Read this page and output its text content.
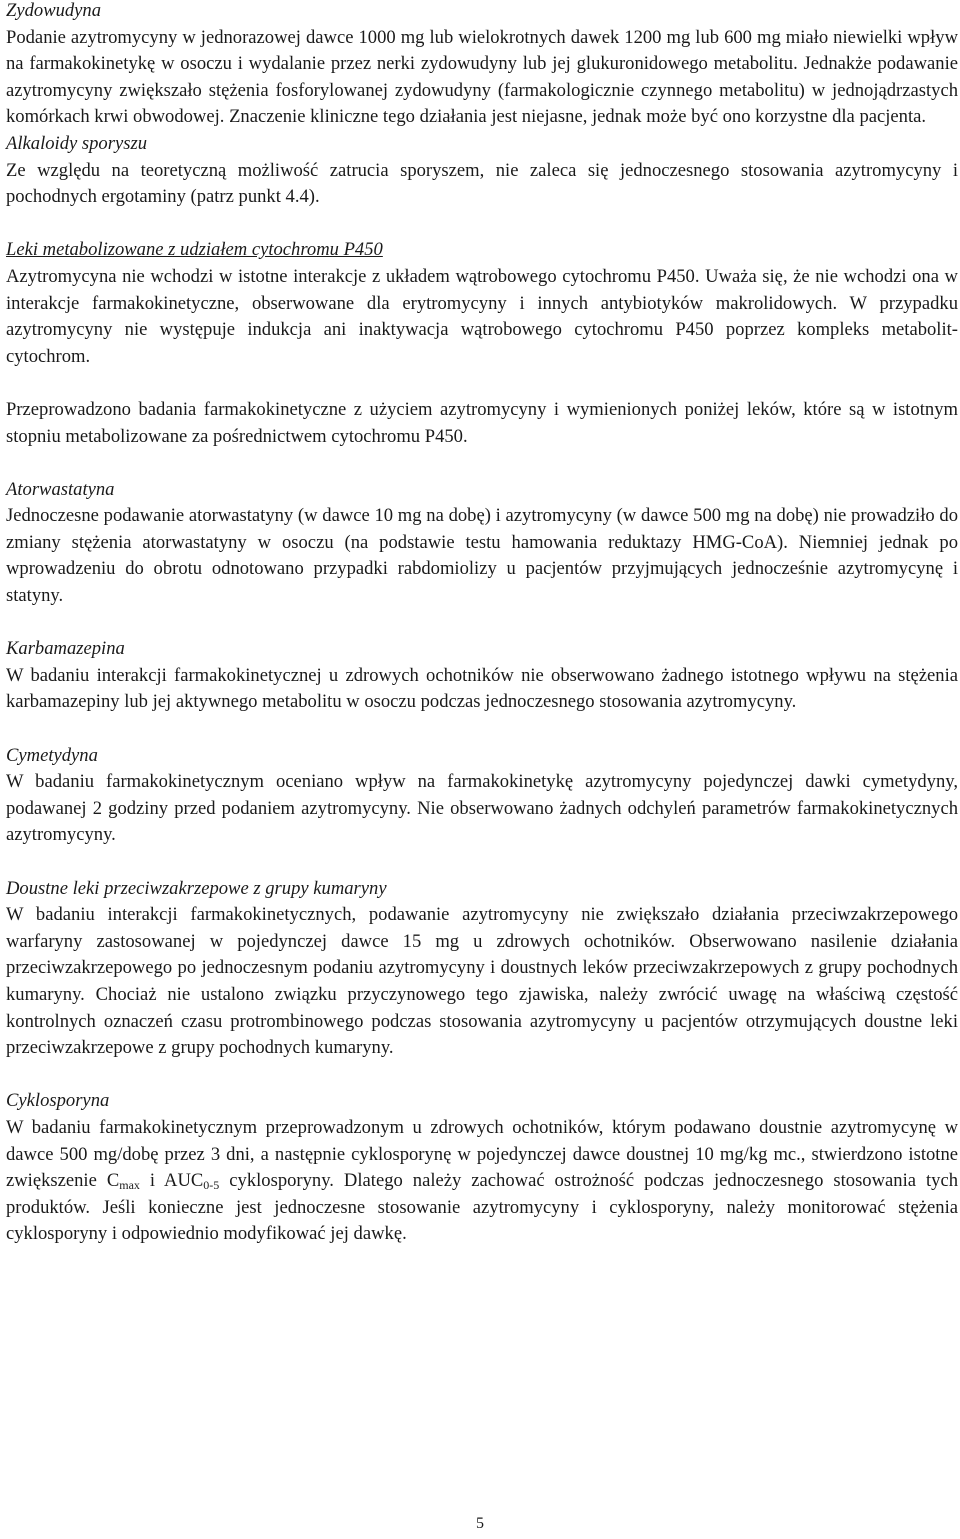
Zydowudyna
Podanie azytromycyny w jednorazowej dawce 1000 mg lub wielokrotnych dawek 1200 mg lub 600 mg miało niewielki wpływ na farmakokinetykę w osoczu i wydalanie przez nerki zydowudyny lub jej glukuronidowego metabolitu. Jednakże podawanie azytromycyny zwiększało stężenia fosforylowanej zydowudyny (farmakologicznie czynnego metabolitu) w jednojądrzastych komórkach krwi obwodowej. Znaczenie kliniczne tego działania jest niejasne, jednak może być ono korzystne dla pacjenta.
Alkaloidy sporyszu
Ze względu na teoretyczną możliwość zatrucia sporyszem, nie zaleca się jednoczesnego stosowania azytromycyny i pochodnych ergotaminy (patrz punkt 4.4).
Leki metabolizowane z udziałem cytochromu P450
Azytromycyna nie wchodzi w istotne interakcje z układem wątrobowego cytochromu P450. Uważa się, że nie wchodzi ona w interakcje farmakokinetyczne, obserwowane dla erytromycyny i innych antybiotyków makrolidowych. W przypadku azytromycyny nie występuje indukcja ani inaktywacja wątrobowego cytochromu P450 poprzez kompleks metabolit-cytochrom.
Przeprowadzono badania farmakokinetyczne z użyciem azytromycyny i wymienionych poniżej leków, które są w istotnym stopniu metabolizowane za pośrednictwem cytochromu P450.
Atorwastatyna
Jednoczesne podawanie atorwastatyny (w dawce 10 mg na dobę) i azytromycyny (w dawce 500 mg na dobę) nie prowadziło do zmiany stężenia atorwastatyny w osoczu (na podstawie testu hamowania reduktazy HMG-CoA). Niemniej jednak po wprowadzeniu do obrotu odnotowano przypadki rabdomiolizy u pacjentów przyjmujących jednocześnie azytromycynę i statyny.
Karbamazepina
W badaniu interakcji farmakokinetycznej u zdrowych ochotników nie obserwowano żadnego istotnego wpływu na stężenia karbamazepiny lub jej aktywnego metabolitu w osoczu podczas jednoczesnego stosowania azytromycyny.
Cymetydyna
W badaniu farmakokinetycznym oceniano wpływ na farmakokinetykę azytromycyny pojedynczej dawki cymetydyny, podawanej 2 godziny przed podaniem azytromycyny. Nie obserwowano żadnych odchyleń parametrów farmakokinetycznych azytromycyny.
Doustne leki przeciwzakrzepowe z grupy kumaryny
W badaniu interakcji farmakokinetycznych, podawanie azytromycyny nie zwiększało działania przeciwzakrzepowego warfaryny zastosowanej w pojedynczej dawce 15 mg u zdrowych ochotników. Obserwowano nasilenie działania przeciwzakrzepowego po jednoczesnym podaniu azytromycyny i doustnych leków przeciwzakrzepowych z grupy pochodnych kumaryny. Chociaż nie ustalono związku przyczynowego tego zjawiska, należy zwrócić uwagę na właściwą częstość kontrolnych oznaczeń czasu protrombinowego podczas stosowania azytromycyny u pacjentów otrzymujących doustne leki przeciwzakrzepowe z grupy pochodnych kumaryny.
Cyklosporyna
W badaniu farmakokinetycznym przeprowadzonym u zdrowych ochotników, którym podawano doustnie azytromycynę w dawce 500 mg/dobę przez 3 dni, a następnie cyklosporynę w pojedynczej dawce doustnej 10 mg/kg mc., stwierdzono istotne zwiększenie $C_{max}$ i $AUC_{0-5}$ cyklosporyny. Dlatego należy zachować ostrożność podczas jednoczesnego stosowania tych produktów. Jeśli konieczne jest jednoczesne stosowanie azytromycyny i cyklosporyny, należy monitorować stężenia cyklosporyny i odpowiednio modyfikować jej dawkę.
5
